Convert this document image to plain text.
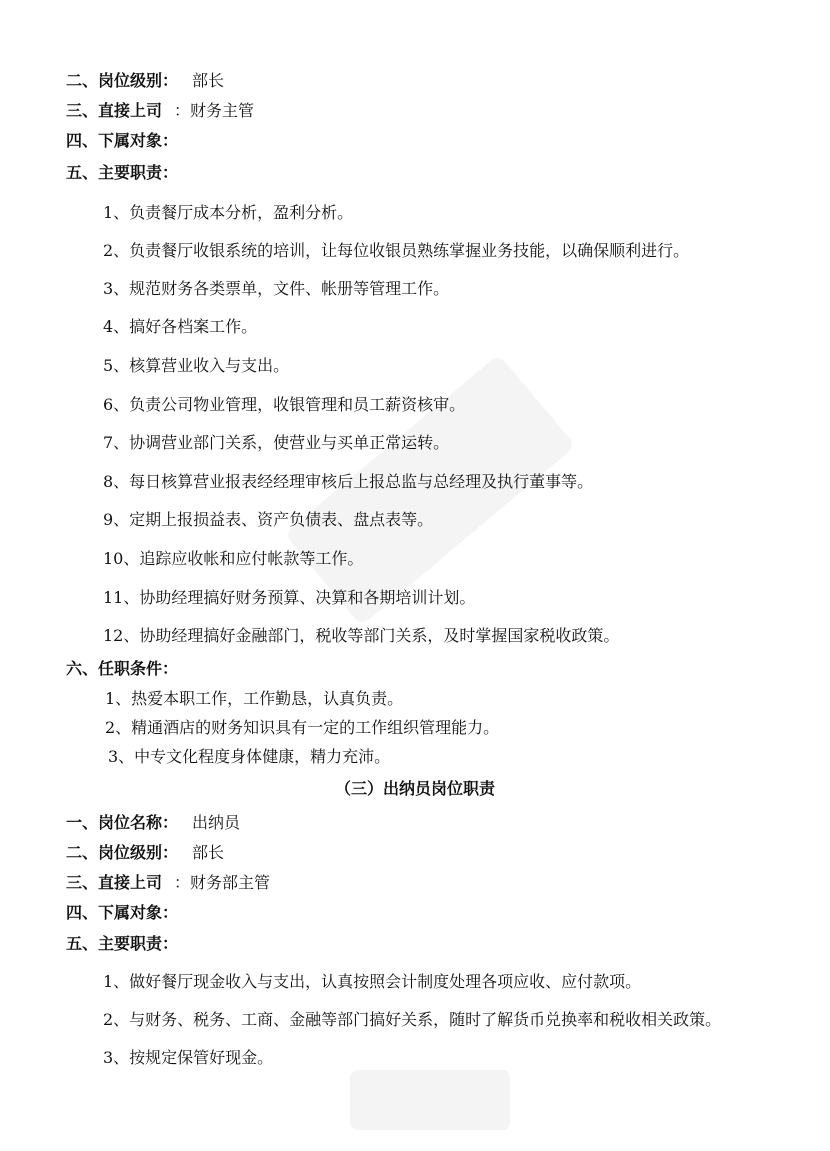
二、岗位级别： 部长
三、直接上司 ：财务主管
四、下属对象：
五、主要职责：
1、负责餐厅成本分析，盈利分析。
2、负责餐厅收银系统的培训，让每位收银员熟练掌握业务技能，以确保顺利进行。
3、规范财务各类票单，文件、帐册等管理工作。
4、搞好各档案工作。
5、核算营业收入与支出。
6、负责公司物业管理，收银管理和员工薪资核审。
7、协调营业部门关系，使营业与买单正常运转。
8、每日核算营业报表经经理审核后上报总监与总经理及执行董事等。
9、定期上报损益表、资产负债表、盘点表等。
10、追踪应收帐和应付帐款等工作。
11、协助经理搞好财务预算、决算和各期培训计划。
12、协助经理搞好金融部门，税收等部门关系，及时掌握国家税收政策。
六、任职条件：
1、热爱本职工作，工作勤恳，认真负责。
2、精通酒店的财务知识具有一定的工作组织管理能力。
3、中专文化程度身体健康，精力充沛。
（三）出纳员岗位职责
一、岗位名称： 出纳员
二、岗位级别： 部长
三、直接上司 ：财务部主管
四、下属对象：
五、主要职责：
1、做好餐厅现金收入与支出，认真按照会计制度处理各项应收、应付款项。
2、与财务、税务、工商、金融等部门搞好关系，随时了解货币兑换率和税收相关政策。
3、按规定保管好现金。
